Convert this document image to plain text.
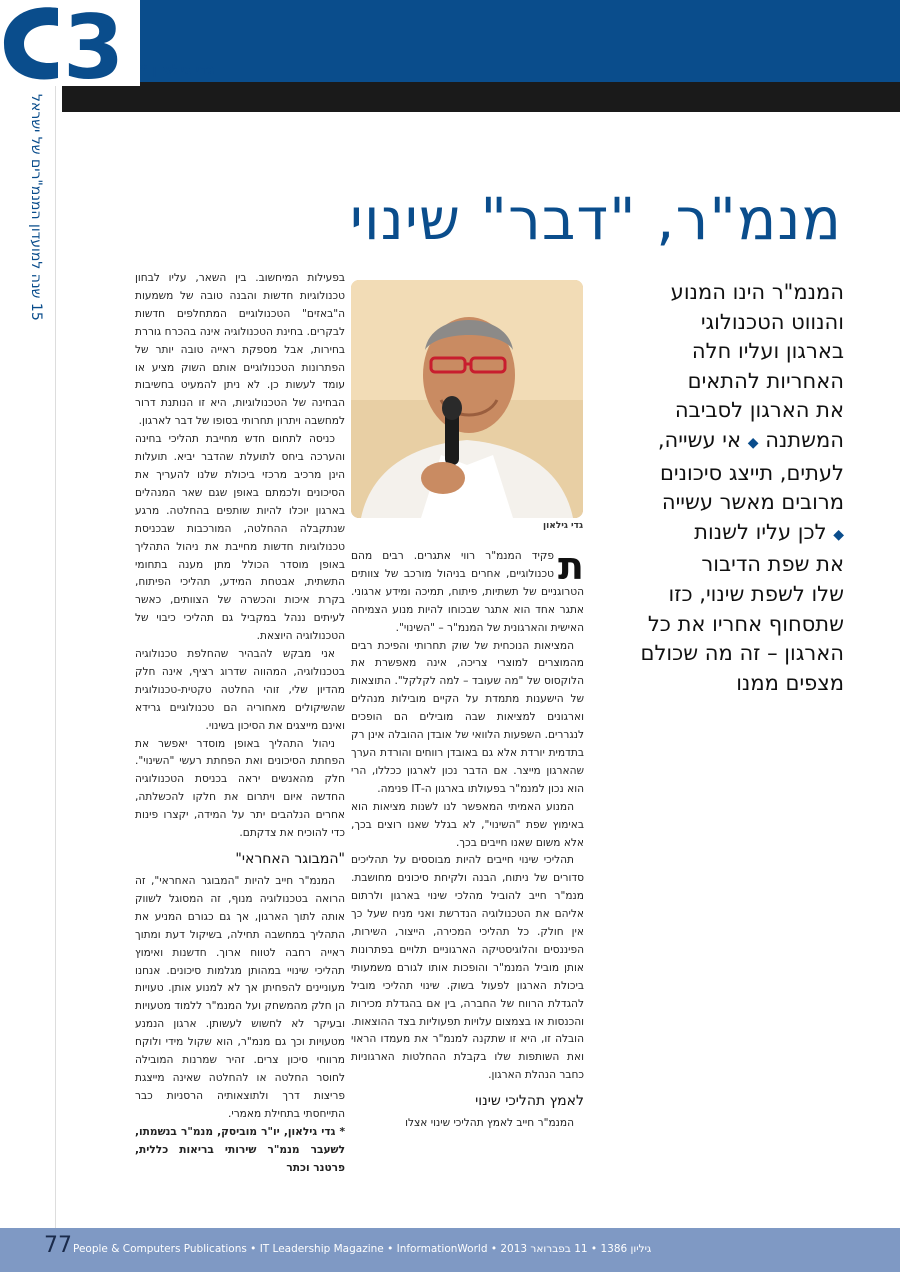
3 גדי גילאון *
15 שנה למועדון המנמ"רים של ישראל
מנמ"ר, "דבר" שינוי
המנמ"ר הינו המנוע
והנווט הטכנולוגי
בארגון ועליו חלה
האחריות להתאים
את הארגון לסביבה
המשתנה ◆ אי עשייה,
לעתים, תייצג סיכונים
מרובים מאשר עשייה
◆ לכן עליו לשנות
את שפת הדיבור
שלו לשפת שינוי, כזו
שתסחוף אחריו את כל
הארגון – זה מה שכולם
מצפים ממנו
גדי גילאון
ת

פקיד המנמ"ר רווי אתגרים. רבים מהם טכנולוגיים, אחרים בניהול מורכב של צוותים הטרוגניים של תשתיות, פיתוח, תמיכה ומידע ארגוני. אתגר אחד הוא אתגר שבכוחו להיות מנוע הצמיחה האישית והארגונית של המנמ"ר – "השינוי".

המציאות הנוכחית של שוק תחרותי והפיכת רבים מהמוצרים למוצרי צריכה, אינה מאפשרת את הלוקסוס של "מה שעובד – למה לקלקל". התוצאות של הישענות מתמדת על הקיים מובילות מנהלים וארגונים למציאות שבה מובילים הם הופכים לנגררים. השפעות הלוואי של אובדן ההובלה אינן רק בתדמית יורדת אלא גם באובדן רווחים והורדת הערך שהארגון מייצר. אם הדבר נכון לארגון ככללו, הרי הוא נכון למנמ"ר בפעולתו בארגון ה-IT פנימה.

המנוע האמיתי המאפשר לנו לשנות מציאות הוא באימוץ שפת "השינוי", לא בגלל שאנו רוצים בכך, אלא משום שאנו חייבים בכך.

תהליכי שינוי חייבים להיות מבוססים על תהליכים סדורים של ניתוח, הבנה ולקיחת סיכונים מחושבת. מנמ"ר חייב להוביל מהלכי שינוי בארגון ולרתום אליהם את הטכנולוגיה הנדרשת ואני מניח שעל כך אין חולק. כל תהליכי המכירה, הייצור, השירות, הפיננסים והלוגיסטיקה הארגוניים תלויים בפתרונות אותן מוביל המנמ"ר והופכות אותו לגורם משמעותי ביכולת הארגון לפעול בשוק. שינוי תהליכי מוביל להגדלת הרווח של החברה, בין אם בהגדלת מכירות והכנסות או בצמצום עלויות תפעוליות בצד ההוצאות. הובלה זו, היא זו שתקנה למנמ"ר את מעמדו הראוי ואת השותפות שלו בקבלת ההחלטות הארגוניות כחבר הנהלת הארגון.

לאמץ תהליכי שינוי

המנמ"ר חייב לאמץ תהליכי שינוי אצלו

בפעילות המיחשוב. בין השאר, עליו לבחון טכנולוגיות חדשות והבנה טובה של משמעות ה"באזים" הטכנולוגיים המתחלפים חדשות לבקרים. בחינת הטכנולוגיה אינה בהכרח גוררת בחירות, אבל מספקת ראייה טובה יותר של הפתרונות הטכנולוגיים אותם השוק מציע או עומד לעשות כן. לא ניתן להמעיט בחשיבות הבחינה של הטכנולוגיות, היא זו הנותנת דרור למחשבה ויתרון תחרותי בסופו של דבר לארגון.

כניסה לתחום חדש מחייבת תהליכי בחינה והערכה ביחס לתועלת שהדבר יביא. תועלות הינן מרכיב מרכזי ביכולת שלנו להעריך את הסיכונים ולכמתם באופן שגם שאר המנהלים בארגון יוכלו להיות שותפים בהחלטה. מרגע שנתקבלה ההחלטה, המורכבות שבכניסת טכנולוגיות חדשות מחייבת את ניהול התהליך באופן מוסדר הכולל מתן מענה בתחומי התשתית, אבטחת המידע, תהליכי הפיתוח, בקרת איכות והכשרה של הצוותים, כאשר לעיתים ננהל במקביל גם תהליכי כיבוי של הטכנולוגיה היוצאת.

אני מבקש להבהיר שהחלפת טכנולוגיה בטכנולוגיה, המהווה שדרוג רציף, אינה חלק מהדיון שלי, זוהי החלטה טקטית-טכנולוגית שהשיקולים מאחוריה הם טכנולוגיים גרידא ואינם מייצגים את הסיכון בשינוי.

ניהול התהליך באופן מוסדר יאפשר את הפחתת הסיכונים ואת הפחתת רעשי "השינוי". חלק מהאנשים יראה בכניסת הטכנולוגיה החדשה איום ויתרום את חלקו להכשלתה, אחרים הנלהבים יתר על המידה, יקצרו פינות כדי להוכיח את צדקתם.

"המבוגר האחראי"

המנמ"ר חייב להיות "המבוגר האחראי", זה הרואה בטכנולוגיה מנוף, זה המסוגל לשווק אותה לתוך הארגון, אך גם כגורם המניע את התהליך במחשבה תחילה, בשיקול דעת ומתוך ראייה רחבה לטווח ארוך. חדשנות ואימוץ תהליכי שינויי במהותן מגלמות סיכונים. אנחנו מעוניינים להפחיתן אך לא למנוע אותן. טעויות הן חלק מהמשחק ועל המנמ"ר ללמוד מטעויות ובעיקר לא לחשוש לעשותן. ארגון הנמנע מטעויות וכך גם מנמ"ר, הוא שקול מידי ולוקח מרווחי סיכון צרים. זהיר שמרנות המובילה לחוסר החלטה או להחלטה שאינה מייצגת פריצות דרך ולתוצאותיה הרסניות כבר התייחסתי בתחילת מאמרי.

* גדי גילאון, יו"ר מוביסק, מנמ"ר בנשמתו, לשעבר מנמ"ר שירותי בריאות כללית, פרטנר וכתר

77 People & Computers Publications • IT Leadership Magazine • InformationWorld • גיליון 1386 • 11 בפברואר 2013
